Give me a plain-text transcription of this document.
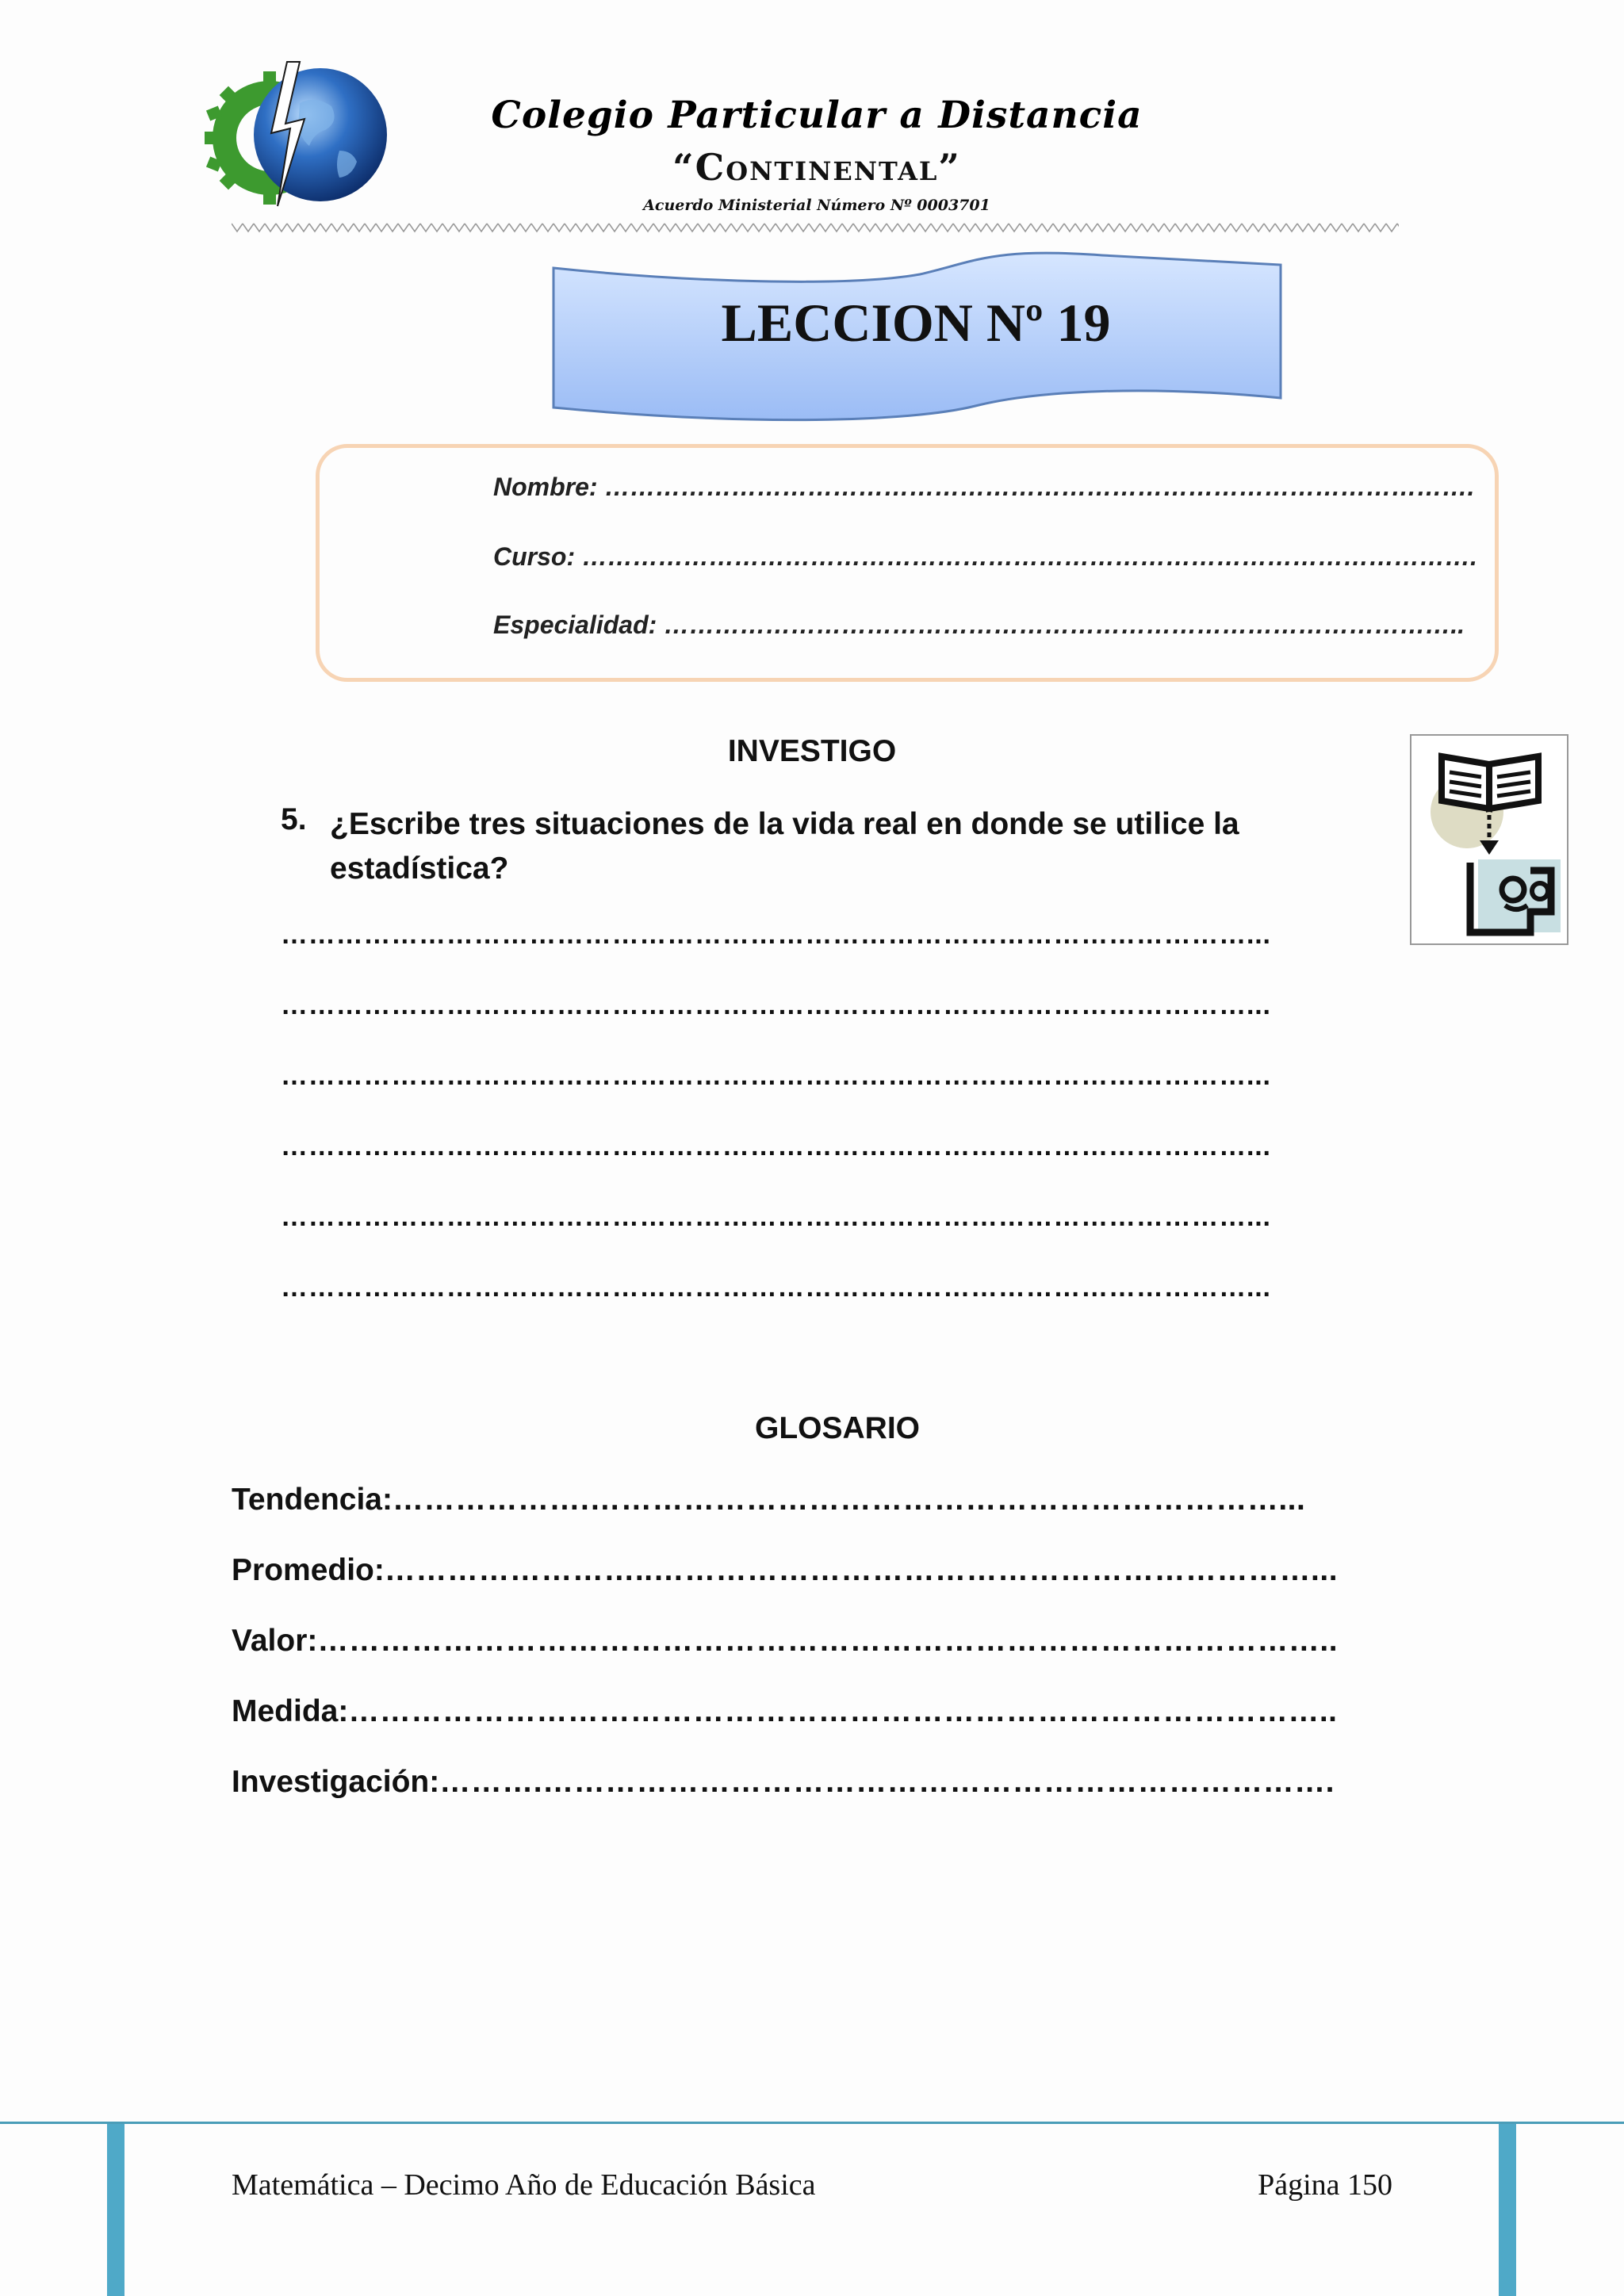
Colegio Particular a Distancia
“Continental”
Acuerdo Ministerial Número Nº 0003701
LECCION Nº 19
Nombre: ………………………………………………………………………………………….
Curso: …………………………………………………………………………………………….
Especialidad: …………………………………………………………………………………..
INVESTIGO
5. ¿Escribe tres situaciones de la vida real en donde se utilice la estadística?
……………………………………………………………………………………………...
……………………………………………………………………………………………...
……………………………………………………………………………………………...
……………………………………………………………………………………………...
……………………………………………………………………………………………...
……………………………………………………………………………………………...
GLOSARIO
Tendencia:……………….…………………………………………………………...
Promedio:……………………..………………………………………………………...
Valor:……………………………………………………………………………………..
Medida:…………………………………………………………………………………..
Investigación:……….………………………………………………………………….
Matemática – Decimo Año de Educación Básica	Página 150
